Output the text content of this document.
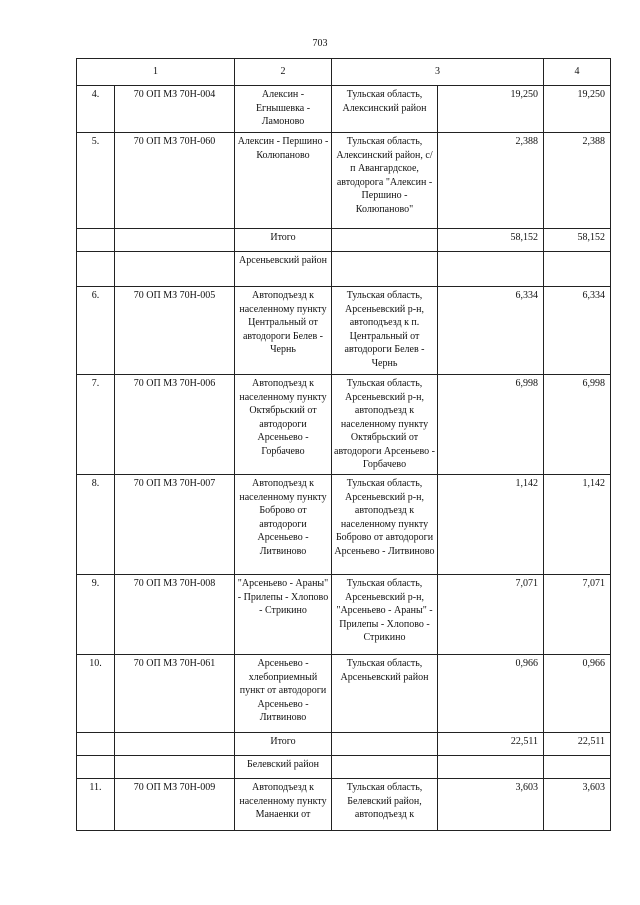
703
1		2	3		4
4.	70 ОП МЗ 70Н-004	Алексин - Егнышевка - Ламоново	Тульская область, Алексинский район	19,250	19,250
5.	70 ОП МЗ 70Н-060	Алексин - Першино - Колюпаново	Тульская область, Алексинский район, с/п Авангардское, автодорога "Алексин - Першино - Колюпаново"	2,388	2,388
		Итого		58,152	58,152
		Арсеньевский район			
6.	70 ОП МЗ 70Н-005	Автоподъезд к населенному пункту Центральный от автодороги Белев - Чернь	Тульская область, Арсеньевский р-н, автоподъезд к п. Центральный от автодороги Белев - Чернь	6,334	6,334
7.	70 ОП МЗ 70Н-006	Автоподъезд к населенному пункту Октябрьский от автодороги Арсеньево - Горбачево	Тульская область, Арсеньевский р-н, автоподъезд к населенному пункту Октябрьский от автодороги Арсеньево - Горбачево	6,998	6,998
8.	70 ОП МЗ 70Н-007	Автоподъезд к населенному пункту Боброво от автодороги Арсеньево - Литвиново	Тульская область, Арсеньевский р-н, автоподъезд к населенному пункту Боброво от автодороги Арсеньево - Литвиново	1,142	1,142
9.	70 ОП МЗ 70Н-008	"Арсеньево - Араны" - Прилепы - Хлопово - Стрикино	Тульская область, Арсеньевский р-н, "Арсеньево - Араны" - Прилепы - Хлопово - Стрикино	7,071	7,071
10.	70 ОП МЗ 70Н-061	Арсеньево - хлебоприемный пункт от автодороги Арсеньево - Литвиново	Тульская область, Арсеньевский район	0,966	0,966
		Итого		22,511	22,511
		Белевский район			
11.	70 ОП МЗ 70Н-009	Автоподъезд к населенному пункту Манаенки от	Тульская область, Белевский район, автоподъезд к	3,603	3,603
